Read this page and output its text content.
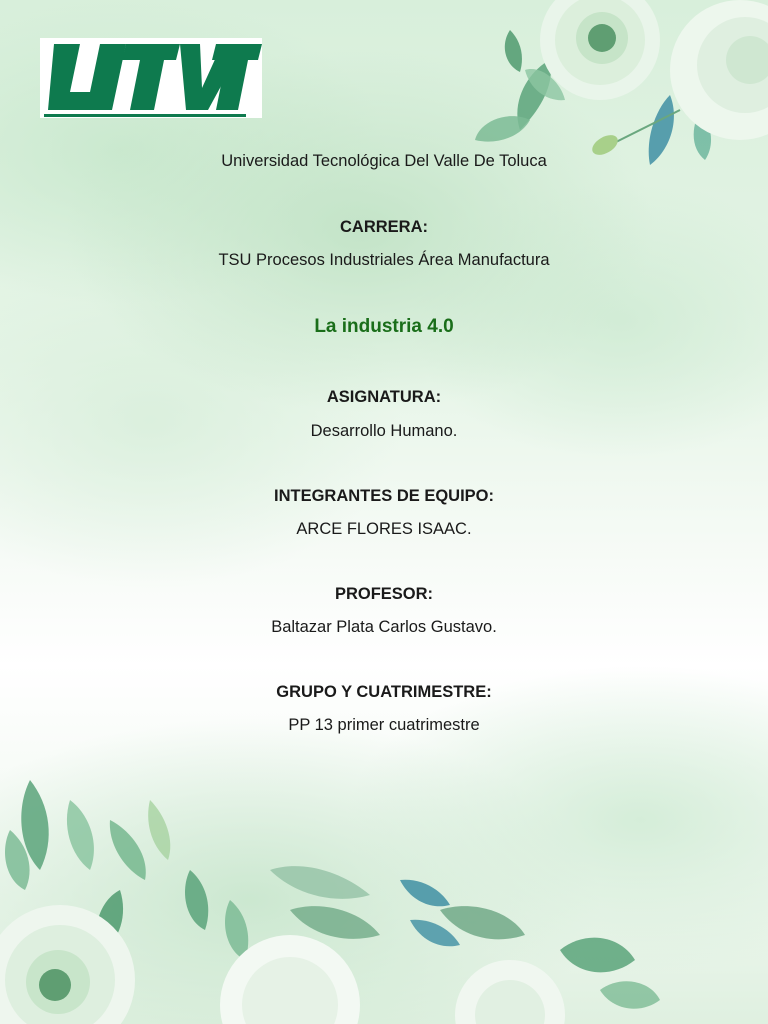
Universidad Tecnológica Del Valle De Toluca
CARRERA:
TSU Procesos Industriales Área Manufactura
La industria 4.0
ASIGNATURA:
Desarrollo Humano.
INTEGRANTES DE EQUIPO:
ARCE FLORES ISAAC.
PROFESOR:
Baltazar Plata Carlos Gustavo.
GRUPO Y CUATRIMESTRE:
PP 13 primer cuatrimestre
